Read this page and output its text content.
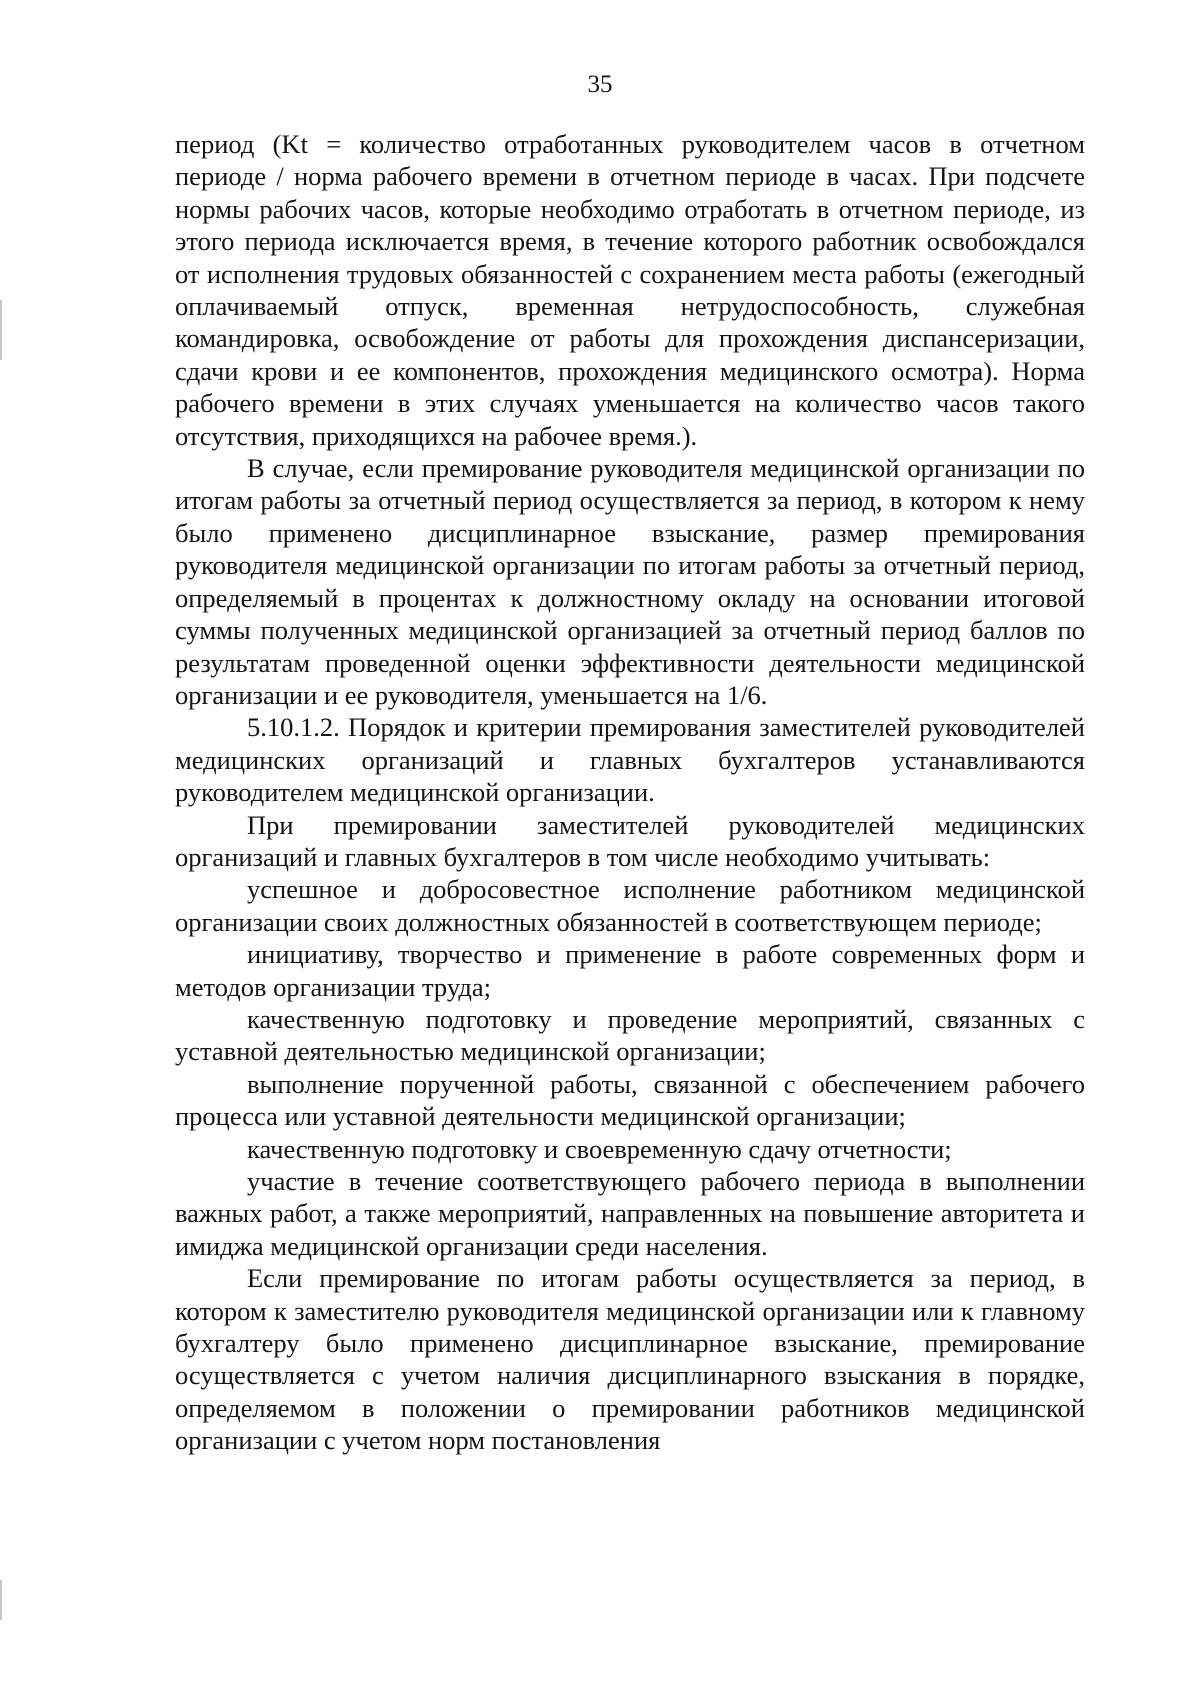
35

период (Kt = количество отработанных руководителем часов в отчетном периоде / норма рабочего времени в отчетном периоде в часах. При подсчете нормы рабочих часов, которые необходимо отработать в отчетном периоде, из этого периода исключается время, в течение которого работник освобождался от исполнения трудовых обязанностей с сохранением места работы (ежегодный оплачиваемый отпуск, временная нетрудоспособность, служебная командировка, освобождение от работы для прохождения диспансеризации, сдачи крови и ее компонентов, прохождения медицинского осмотра). Норма рабочего времени в этих случаях уменьшается на количество часов такого отсутствия, приходящихся на рабочее время.).

В случае, если премирование руководителя медицинской организации по итогам работы за отчетный период осуществляется за период, в котором к нему было применено дисциплинарное взыскание, размер премирования руководителя медицинской организации по итогам работы за отчетный период, определяемый в процентах к должностному окладу на основании итоговой суммы полученных медицинской организацией за отчетный период баллов по результатам проведенной оценки эффективности деятельности медицинской организации и ее руководителя, уменьшается на 1/6.

5.10.1.2. Порядок и критерии премирования заместителей руководителей медицинских организаций и главных бухгалтеров устанавливаются руководителем медицинской организации.

При премировании заместителей руководителей медицинских организаций и главных бухгалтеров в том числе необходимо учитывать:

успешное и добросовестное исполнение работником медицинской организации своих должностных обязанностей в соответствующем периоде;

инициативу, творчество и применение в работе современных форм и методов организации труда;

качественную подготовку и проведение мероприятий, связанных с уставной деятельностью медицинской организации;

выполнение порученной работы, связанной с обеспечением рабочего процесса или уставной деятельности медицинской организации;

качественную подготовку и своевременную сдачу отчетности;

участие в течение соответствующего рабочего периода в выполнении важных работ, а также мероприятий, направленных на повышение авторитета и имиджа медицинской организации среди населения.

Если премирование по итогам работы осуществляется за период, в котором к заместителю руководителя медицинской организации или к главному бухгалтеру было применено дисциплинарное взыскание, премирование осуществляется с учетом наличия дисциплинарного взыскания в порядке, определяемом в положении о премировании работников медицинской организации с учетом норм постановления
